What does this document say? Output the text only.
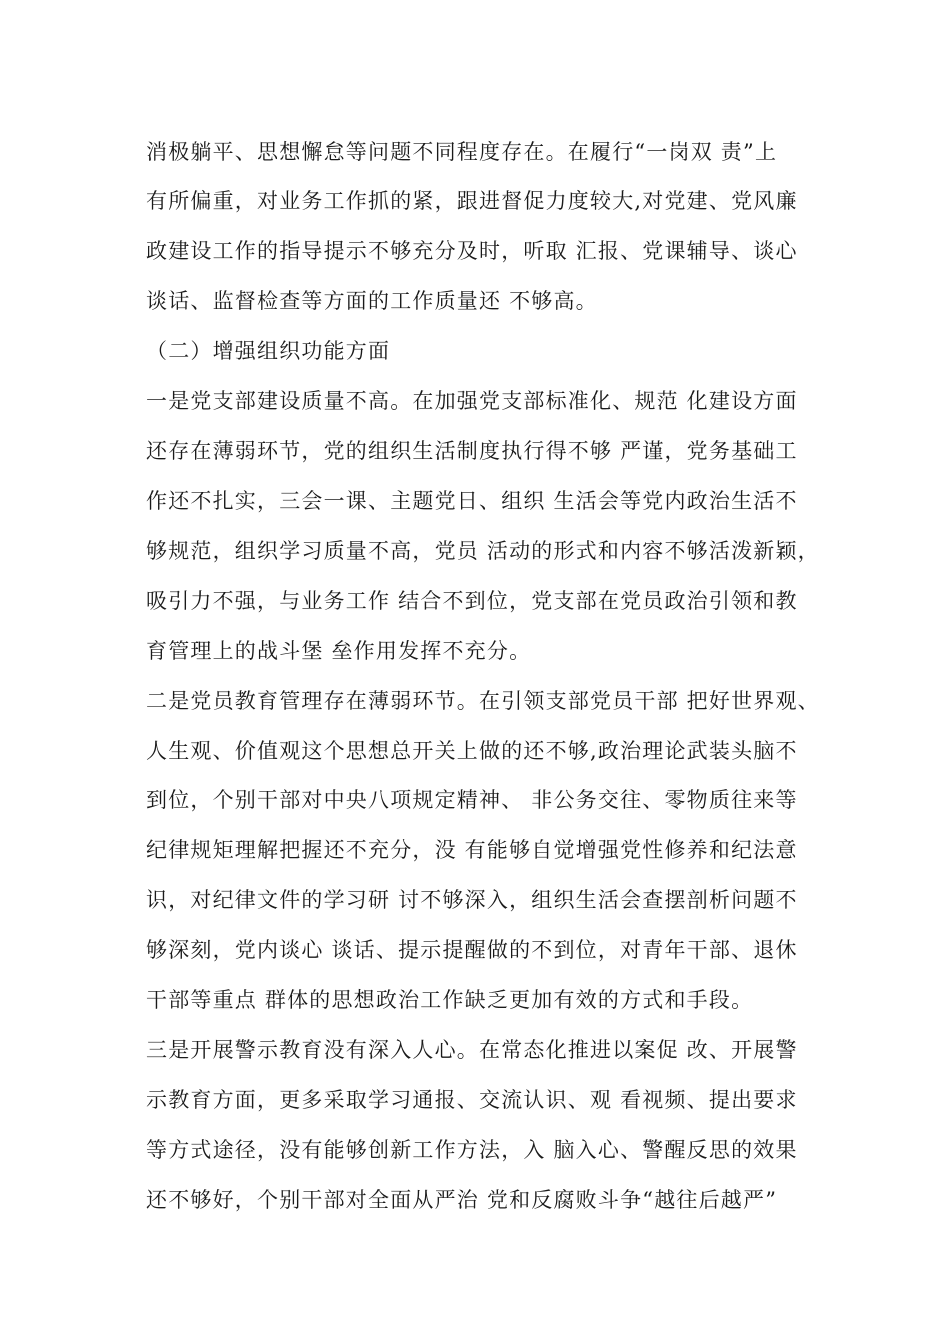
消极躺平、思想懈怠等问题不同程度存在。在履行“一岗双 责”上
有所偏重，对业务工作抓的紧，跟进督促力度较大,对党建、党风廉
政建设工作的指导提示不够充分及时，听取 汇报、党课辅导、谈心
谈话、监督检查等方面的工作质量还 不够高。
（二）增强组织功能方面
一是党支部建设质量不高。在加强党支部标准化、规范 化建设方面
还存在薄弱环节，党的组织生活制度执行得不够 严谨，党务基础工
作还不扎实，三会一课、主题党日、组织 生活会等党内政治生活不
够规范，组织学习质量不高，党员 活动的形式和内容不够活泼新颖，
吸引力不强，与业务工作 结合不到位，党支部在党员政治引领和教
育管理上的战斗堡 垒作用发挥不充分。
二是党员教育管理存在薄弱环节。在引领支部党员干部 把好世界观、
人生观、价值观这个思想总开关上做的还不够,政治理论武装头脑不
到位，个别干部对中央八项规定精神、 非公务交往、零物质往来等
纪律规矩理解把握还不充分，没 有能够自觉增强党性修养和纪法意
识，对纪律文件的学习研 讨不够深入，组织生活会查摆剖析问题不
够深刻，党内谈心 谈话、提示提醒做的不到位，对青年干部、退休
干部等重点 群体的思想政治工作缺乏更加有效的方式和手段。
三是开展警示教育没有深入人心。在常态化推进以案促 改、开展警
示教育方面，更多采取学习通报、交流认识、观 看视频、提出要求
等方式途径，没有能够创新工作方法，入 脑入心、警醒反思的效果
还不够好，个别干部对全面从严治 党和反腐败斗争“越往后越严”
